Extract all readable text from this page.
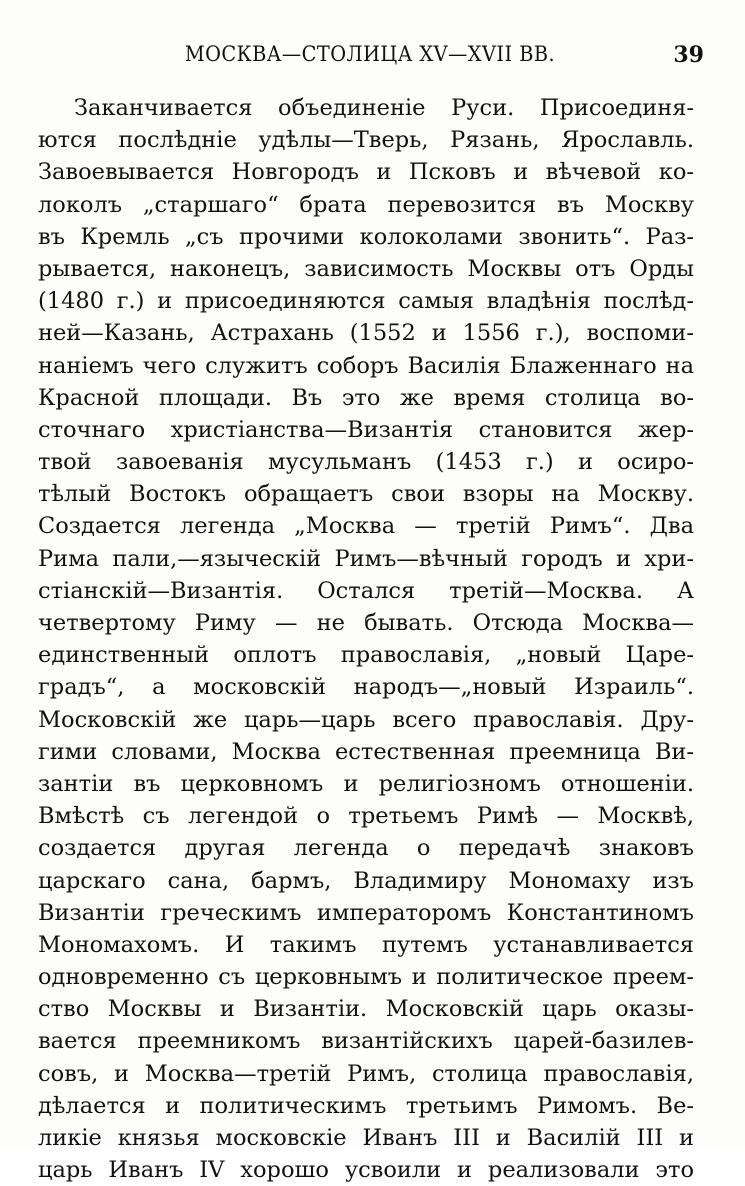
МОСКВА—СТОЛИЦА XV—XVII ВВ.	39
Заканчивается объединенiе Руси. Присоединя-
ются послѣднiе удѣлы—Тверь, Рязань, Ярославль.
Завоевывается Новгородъ и Псковъ и вѣчевой ко-
локолъ „старшаго“ брата перевозится въ Москву
въ Кремль „съ прочими колоколами звонить“. Раз-
рывается, наконецъ, зависимость Москвы отъ Орды
(1480 г.) и присоединяются самыя владѣнiя послѣд-
ней—Казань, Астрахань (1552 и 1556 г.), воспоми-
нанiемъ чего служитъ соборъ Василiя Блаженнаго на
Красной площади. Въ это же время столица во-
сточнаго христiанства—Византiя становится жер-
твой завоеванiя мусульманъ (1453 г.) и осиро-
тѣлый Востокъ обращаетъ свои взоры на Москву.
Создается легенда „Москва — третiй Римъ“. Два
Рима пали,—языческiй Римъ—вѣчный городъ и хри-
стiанскiй—Византiя. Остался третiй—Москва. А
четвертому Риму — не бывать. Отсюда Москва—
единственный оплотъ православiя, „новый Царе-
градъ“, а московскiй народъ—„новый Израиль“.
Московскiй же царь—царь всего православiя. Дру-
гими словами, Москва естественная преемница Ви-
зантiи въ церковномъ и религiозномъ отношенiи.
Вмѣстѣ съ легендой о третьемъ Римѣ — Москвѣ,
создается другая легенда о передачѣ знаковъ
царскаго сана, бармъ, Владимиру Мономаху изъ
Византiи греческимъ императоромъ Константиномъ
Мономахомъ. И такимъ путемъ устанавливается
одновременно съ церковнымъ и политическое преем-
ство Москвы и Византiи. Московскiй царь оказы-
вается преемникомъ византiйскихъ царей-базилев-
совъ, и Москва—третiй Римъ, столица православiя,
дѣлается и политическимъ третьимъ Римомъ. Ве-
ликiе князья московскiе Иванъ III и Василiй III и
царь Иванъ IV хорошо усвоили и реализовали это
